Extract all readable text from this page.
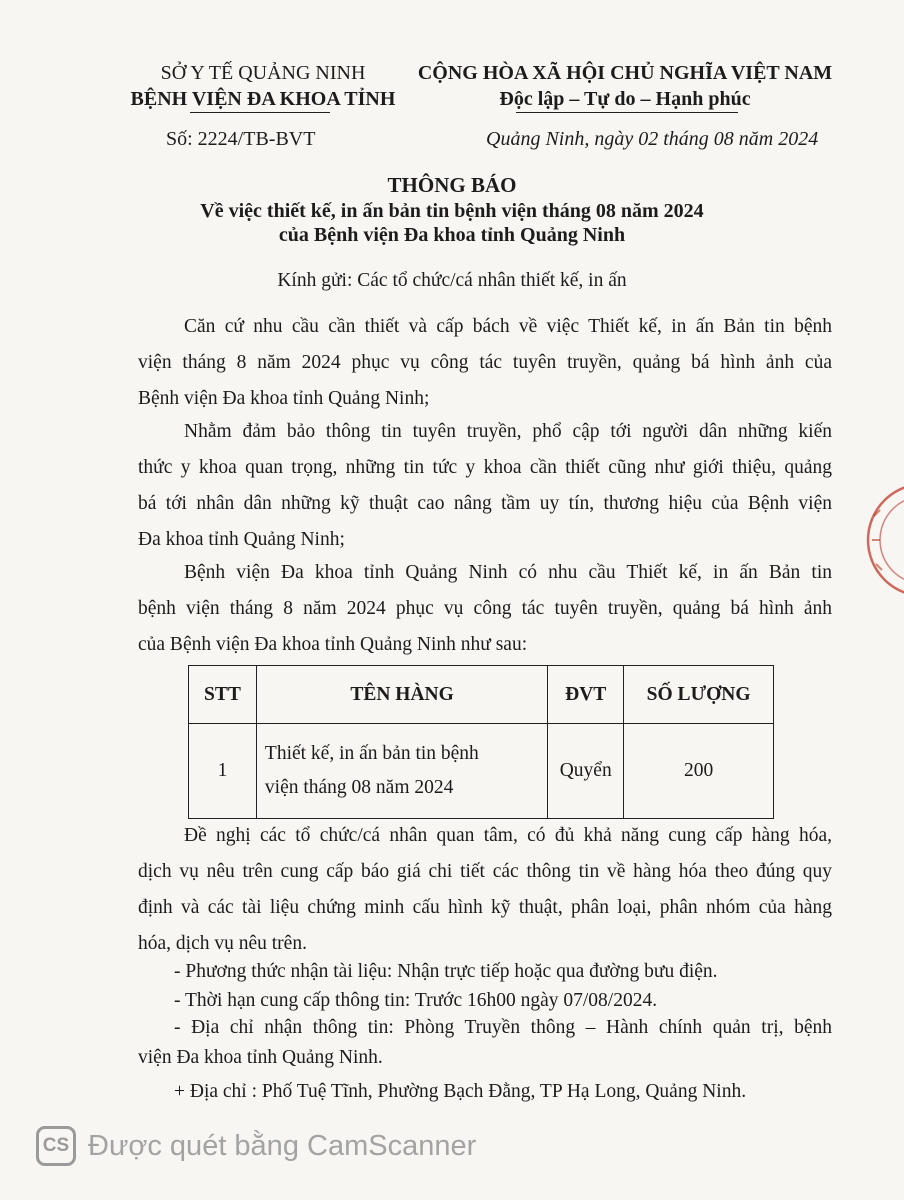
SỞ Y TẾ QUẢNG NINH
BỆNH VIỆN ĐA KHOA TỈNH
CỘNG HÒA XÃ HỘI CHỦ NGHĨA VIỆT NAM
Độc lập – Tự do – Hạnh phúc
Số: 2224/TB-BVT	Quảng Ninh, ngày 02 tháng 08 năm 2024
THÔNG BÁO
Về việc thiết kế, in ấn bản tin bệnh viện tháng 08 năm 2024
của Bệnh viện Đa khoa tỉnh Quảng Ninh
Kính gửi: Các tổ chức/cá nhân thiết kế, in ấn
Căn cứ nhu cầu cần thiết và cấp bách về việc Thiết kế, in ấn Bản tin bệnh
viện tháng 8 năm 2024 phục vụ công tác tuyên truyền, quảng bá hình ảnh của
Bệnh viện Đa khoa tỉnh Quảng Ninh;
Nhằm đảm bảo thông tin tuyên truyền, phổ cập tới người dân những kiến
thức y khoa quan trọng, những tin tức y khoa cần thiết cũng như giới thiệu, quảng
bá tới nhân dân những kỹ thuật cao nâng tầm uy tín, thương hiệu của Bệnh viện
Đa khoa tỉnh Quảng Ninh;
Bệnh viện Đa khoa tỉnh Quảng Ninh có nhu cầu Thiết kế, in ấn Bản tin
bệnh viện tháng 8 năm 2024 phục vụ công tác tuyên truyền, quảng bá hình ảnh
của Bệnh viện Đa khoa tỉnh Quảng Ninh như sau:
STT	TÊN HÀNG	ĐVT	SỐ LƯỢNG
1	Thiết kế, in ấn bản tin bệnh
viện tháng 08 năm 2024	Quyển	200
Đề nghị các tổ chức/cá nhân quan tâm, có đủ khả năng cung cấp hàng hóa,
dịch vụ nêu trên cung cấp báo giá chi tiết các thông tin về hàng hóa theo đúng quy
định và các tài liệu chứng minh cấu hình kỹ thuật, phân loại, phân nhóm của hàng
hóa, dịch vụ nêu trên.
- Phương thức nhận tài liệu: Nhận trực tiếp hoặc qua đường bưu điện.
- Thời hạn cung cấp thông tin: Trước 16h00 ngày 07/08/2024.
- Địa chỉ nhận thông tin: Phòng Truyền thông – Hành chính quản trị, bệnh
viện Đa khoa tỉnh Quảng Ninh.
+ Địa chỉ : Phố Tuệ Tĩnh, Phường Bạch Đằng, TP Hạ Long, Quảng Ninh.
CS Được quét bằng CamScanner
